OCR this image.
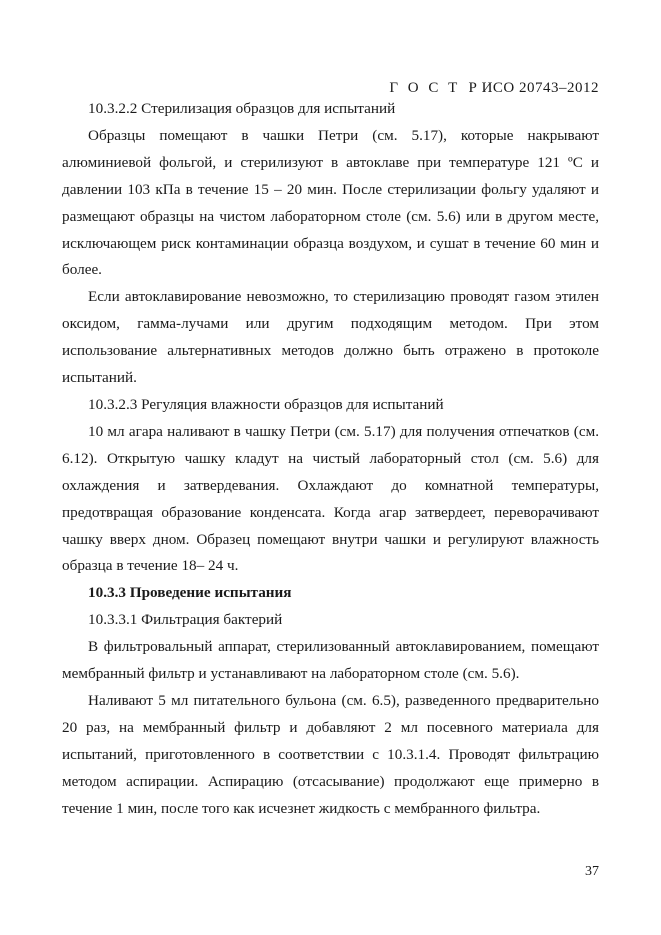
Г О С Т Р ИСО 20743–2012

10.3.2.2 Стерилизация образцов для испытаний

Образцы помещают в чашки Петри (см. 5.17), которые накрывают алюминиевой фольгой, и стерилизуют в автоклаве при температуре 121 ºC и давлении 103 кПа в течение 15 – 20 мин. После стерилизации фольгу удаляют и размещают образцы на чистом лабораторном столе (см. 5.6) или в другом месте, исключающем риск контаминации образца воздухом, и сушат в течение 60 мин и более.

Если автоклавирование невозможно, то стерилизацию проводят газом этилен оксидом, гамма-лучами или другим подходящим методом. При этом использование альтернативных методов должно быть отражено в протоколе испытаний.

10.3.2.3 Регуляция влажности образцов для испытаний

10 мл агара наливают в чашку Петри (см. 5.17) для получения отпечатков (см. 6.12). Открытую чашку кладут на чистый лабораторный стол (см. 5.6) для охлаждения и затвердевания. Охлаждают до комнатной температуры, предотвращая образование конденсата. Когда агар затвердеет, переворачивают чашку вверх дном. Образец помещают внутри чашки и регулируют влажность образца в течение 18– 24 ч.

10.3.3 Проведение испытания

10.3.3.1 Фильтрация бактерий

В фильтровальный аппарат, стерилизованный автоклавированием, помещают мембранный фильтр и устанавливают на лабораторном столе (см. 5.6).

Наливают 5 мл питательного бульона (см. 6.5), разведенного предварительно 20 раз, на мембранный фильтр и добавляют 2 мл посевного материала для испытаний, приготовленного в соответствии с 10.3.1.4. Проводят фильтрацию методом аспирации. Аспирацию (отсасывание) продолжают еще примерно в течение 1 мин, после того как исчезнет жидкость с мембранного фильтра.

37
